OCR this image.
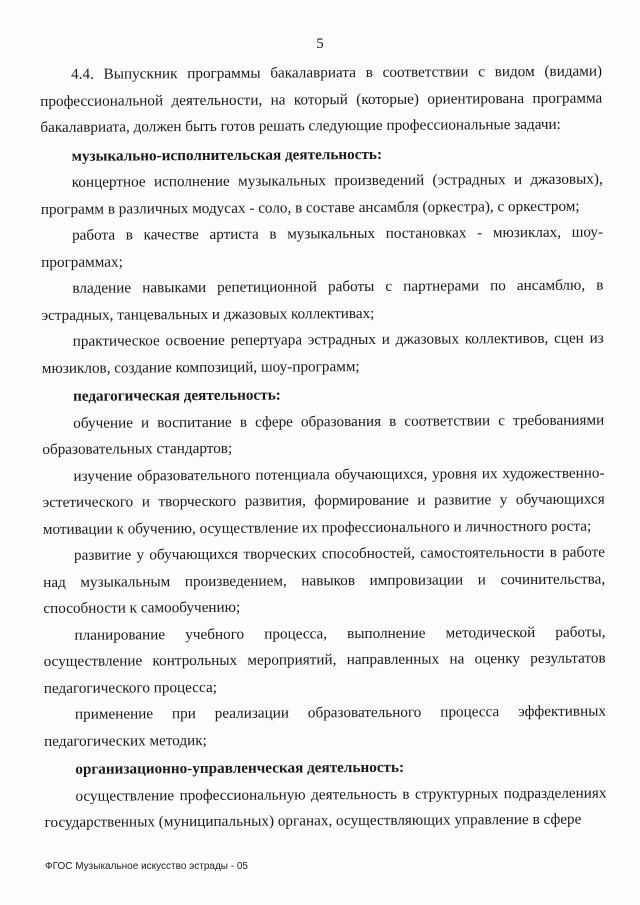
5

4.4. Выпускник программы бакалавриата в соответствии с видом (видами) профессиональной деятельности, на который (которые) ориентирована программа бакалавриата, должен быть готов решать следующие профессиональные задачи:

музыкально-исполнительская деятельность:

концертное исполнение музыкальных произведений (эстрадных и джазовых), программ в различных модусах - соло, в составе ансамбля (оркестра), с оркестром;

работа в качестве артиста в музыкальных постановках - мюзиклах, шоу-программах;

владение навыками репетиционной работы с партнерами по ансамблю, в эстрадных, танцевальных и джазовых коллективах;

практическое освоение репертуара эстрадных и джазовых коллективов, сцен из мюзиклов, создание композиций, шоу-программ;

педагогическая деятельность:

обучение и воспитание в сфере образования в соответствии с требованиями образовательных стандартов;

изучение образовательного потенциала обучающихся, уровня их художественно-эстетического и творческого развития, формирование и развитие у обучающихся мотивации к обучению, осуществление их профессионального и личностного роста;

развитие у обучающихся творческих способностей, самостоятельности в работе над музыкальным произведением, навыков импровизации и сочинительства, способности к самообучению;

планирование учебного процесса, выполнение методической работы, осуществление контрольных мероприятий, направленных на оценку результатов педагогического процесса;

применение при реализации образовательного процесса эффективных педагогических методик;

организационно-управленческая деятельность:

осуществление профессиональную деятельность в структурных подразделениях государственных (муниципальных) органах, осуществляющих управление в сфере

ФГОС Музыкальное искусство эстрады - 05
